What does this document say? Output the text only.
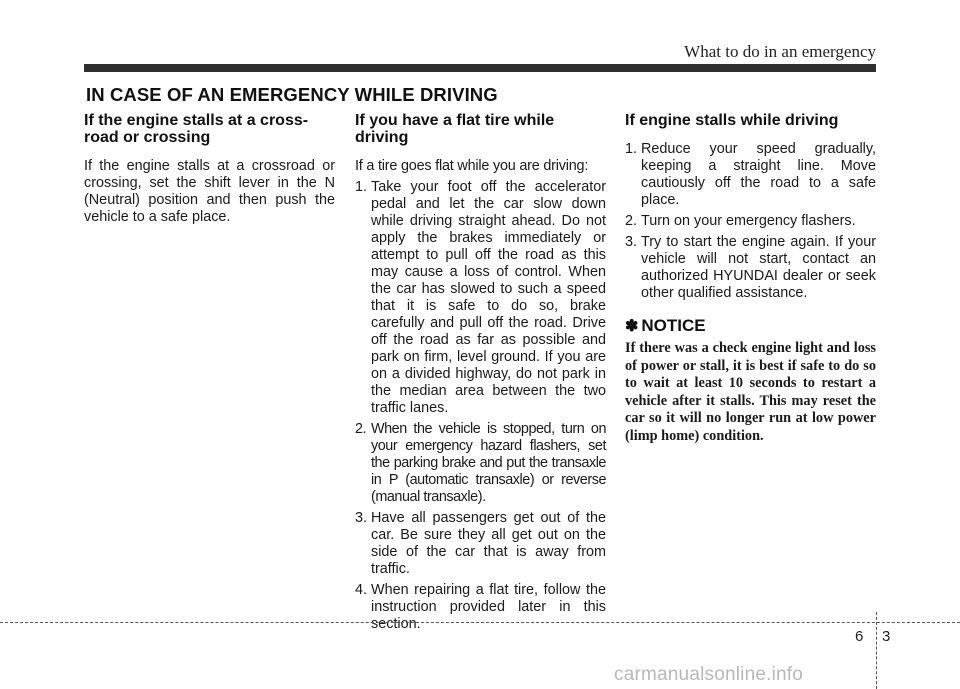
What to do in an emergency
IN CASE OF AN EMERGENCY WHILE DRIVING
If the engine stalls at a cross-road or crossing

If the engine stalls at a crossroad or crossing, set the shift lever in the N (Neutral) position and then push the vehicle to a safe place.

If you have a flat tire while driving

If a tire goes flat while you are driving:

1. Take your foot off the accelerator pedal and let the car slow down while driving straight ahead. Do not apply the brakes immediately or attempt to pull off the road as this may cause a loss of control. When the car has slowed to such a speed that it is safe to do so, brake carefully and pull off the road. Drive off the road as far as possible and park on firm, level ground. If you are on a divided highway, do not park in the median area between the two traffic lanes.
2. When the vehicle is stopped, turn on your emergency hazard flashers, set the parking brake and put the transaxle in P (automatic transaxle) or reverse (manual transaxle).
3. Have all passengers get out of the car. Be sure they all get out on the side of the car that is away from traffic.
4. When repairing a flat tire, follow the instruction provided later in this section.
If engine stalls while driving
1. Reduce your speed gradually, keeping a straight line. Move cautiously off the road to a safe place.
2. Turn on your emergency flashers.
3. Try to start the engine again. If your vehicle will not start, contact an authorized HYUNDAI dealer or seek other qualified assistance.
✽ NOTICE

If there was a check engine light and loss of power or stall, it is best if safe to do so to wait at least 10 seconds to restart a vehicle after it stalls. This may reset the car so it will no longer run at low power (limp home) condition.

6 3
carmanualsonline.info
